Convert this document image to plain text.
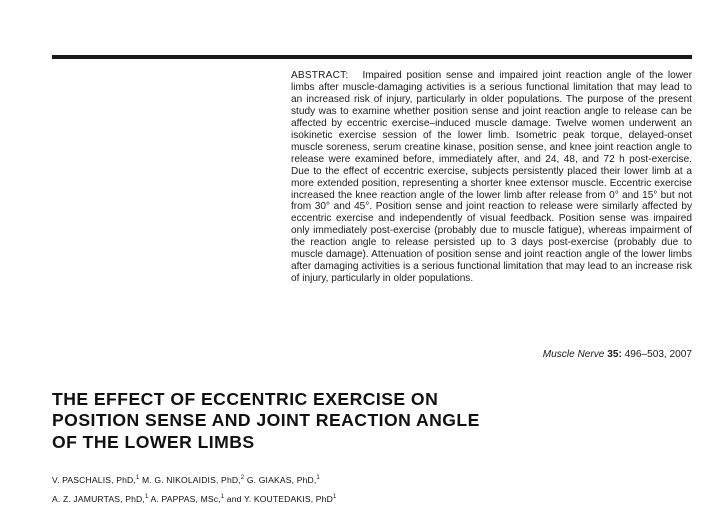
ABSTRACT: Impaired position sense and impaired joint reaction angle of the lower limbs after muscle-damaging activities is a serious functional limitation that may lead to an increased risk of injury, particularly in older populations. The purpose of the present study was to examine whether position sense and joint reaction angle to release can be affected by eccentric exercise–induced muscle damage. Twelve women underwent an isokinetic exercise session of the lower limb. Isometric peak torque, delayed-onset muscle soreness, serum creatine kinase, position sense, and knee joint reaction angle to release were examined before, immediately after, and 24, 48, and 72 h post-exercise. Due to the effect of eccentric exercise, subjects persistently placed their lower limb at a more extended position, representing a shorter knee extensor muscle. Eccentric exercise increased the knee reaction angle of the lower limb after release from 0° and 15° but not from 30° and 45°. Position sense and joint reaction to release were similarly affected by eccentric exercise and independently of visual feedback. Position sense was impaired only immediately post-exercise (probably due to muscle fatigue), whereas impairment of the reaction angle to release persisted up to 3 days post-exercise (probably due to muscle damage). Attenuation of position sense and joint reaction angle of the lower limbs after damaging activities is a serious functional limitation that may lead to an increase risk of injury, particularly in older populations.
Muscle Nerve 35: 496–503, 2007
THE EFFECT OF ECCENTRIC EXERCISE ON
POSITION SENSE AND JOINT REACTION ANGLE
OF THE LOWER LIMBS
V. PASCHALIS, PhD,$^1$ M. G. NIKOLAIDIS, PhD,$^2$ G. GIAKAS, PhD,$^1$
A. Z. JAMURTAS, PhD,$^1$ A. PAPPAS, MSc,$^1$ and Y. KOUTEDAKIS, PhD$^1$
